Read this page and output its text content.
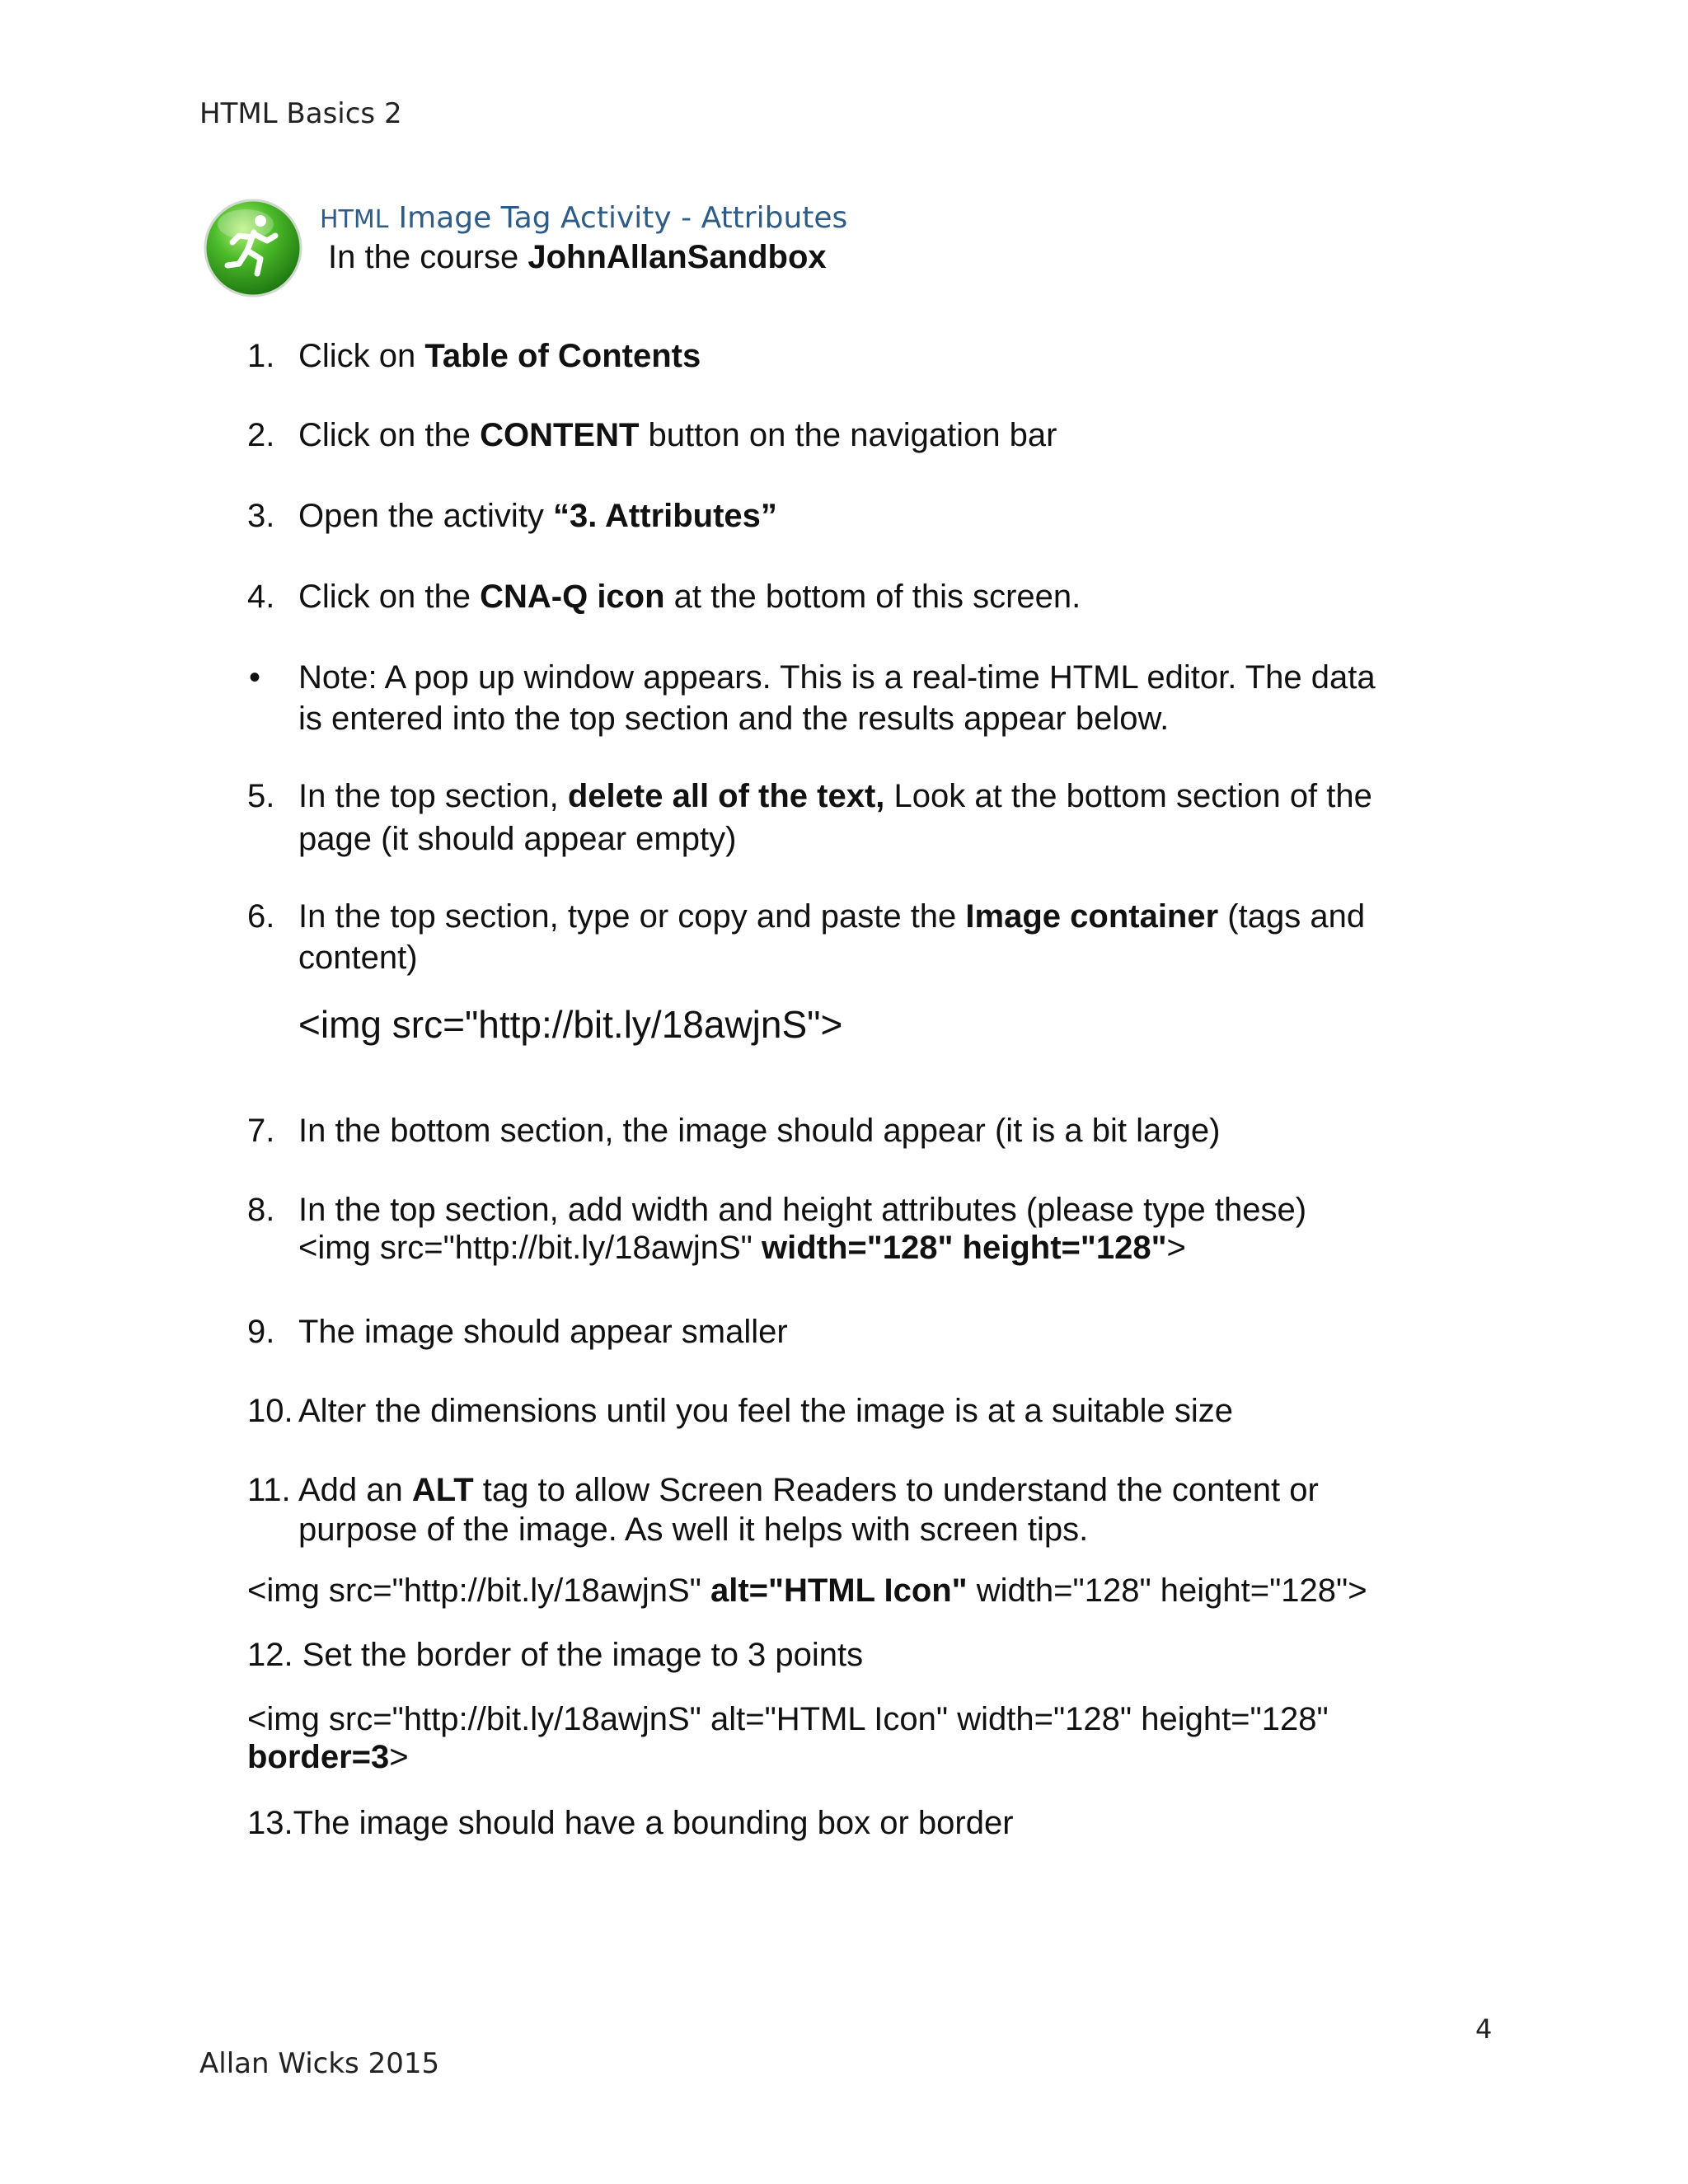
HTML Basics 2
HTML Image Tag Activity - Attributes
In the course JohnAllanSandbox
1. Click on Table of Contents
2. Click on the CONTENT button on the navigation bar
3. Open the activity “3. Attributes”
4. Click on the CNA-Q icon at the bottom of this screen.
• Note: A pop up window appears. This is a real-time HTML editor. The data
is entered into the top section and the results appear below.
5. In the top section, delete all of the text, Look at the bottom section of the
page (it should appear empty)
6. In the top section, type or copy and paste the Image container (tags and
content)
<img src="http://bit.ly/18awjnS">
7. In the bottom section, the image should appear (it is a bit large)
8. In the top section, add width and height attributes (please type these)
<img src="http://bit.ly/18awjnS" width="128" height="128">
9. The image should appear smaller
10. Alter the dimensions until you feel the image is at a suitable size
11. Add an ALT tag to allow Screen Readers to understand the content or
purpose of the image. As well it helps with screen tips.
<img src="http://bit.ly/18awjnS" alt="HTML Icon" width="128" height="128">
12. Set the border of the image to 3 points
<img src="http://bit.ly/18awjnS" alt="HTML Icon" width="128" height="128"
border=3>
13.The image should have a bounding box or border
4
Allan Wicks 2015
